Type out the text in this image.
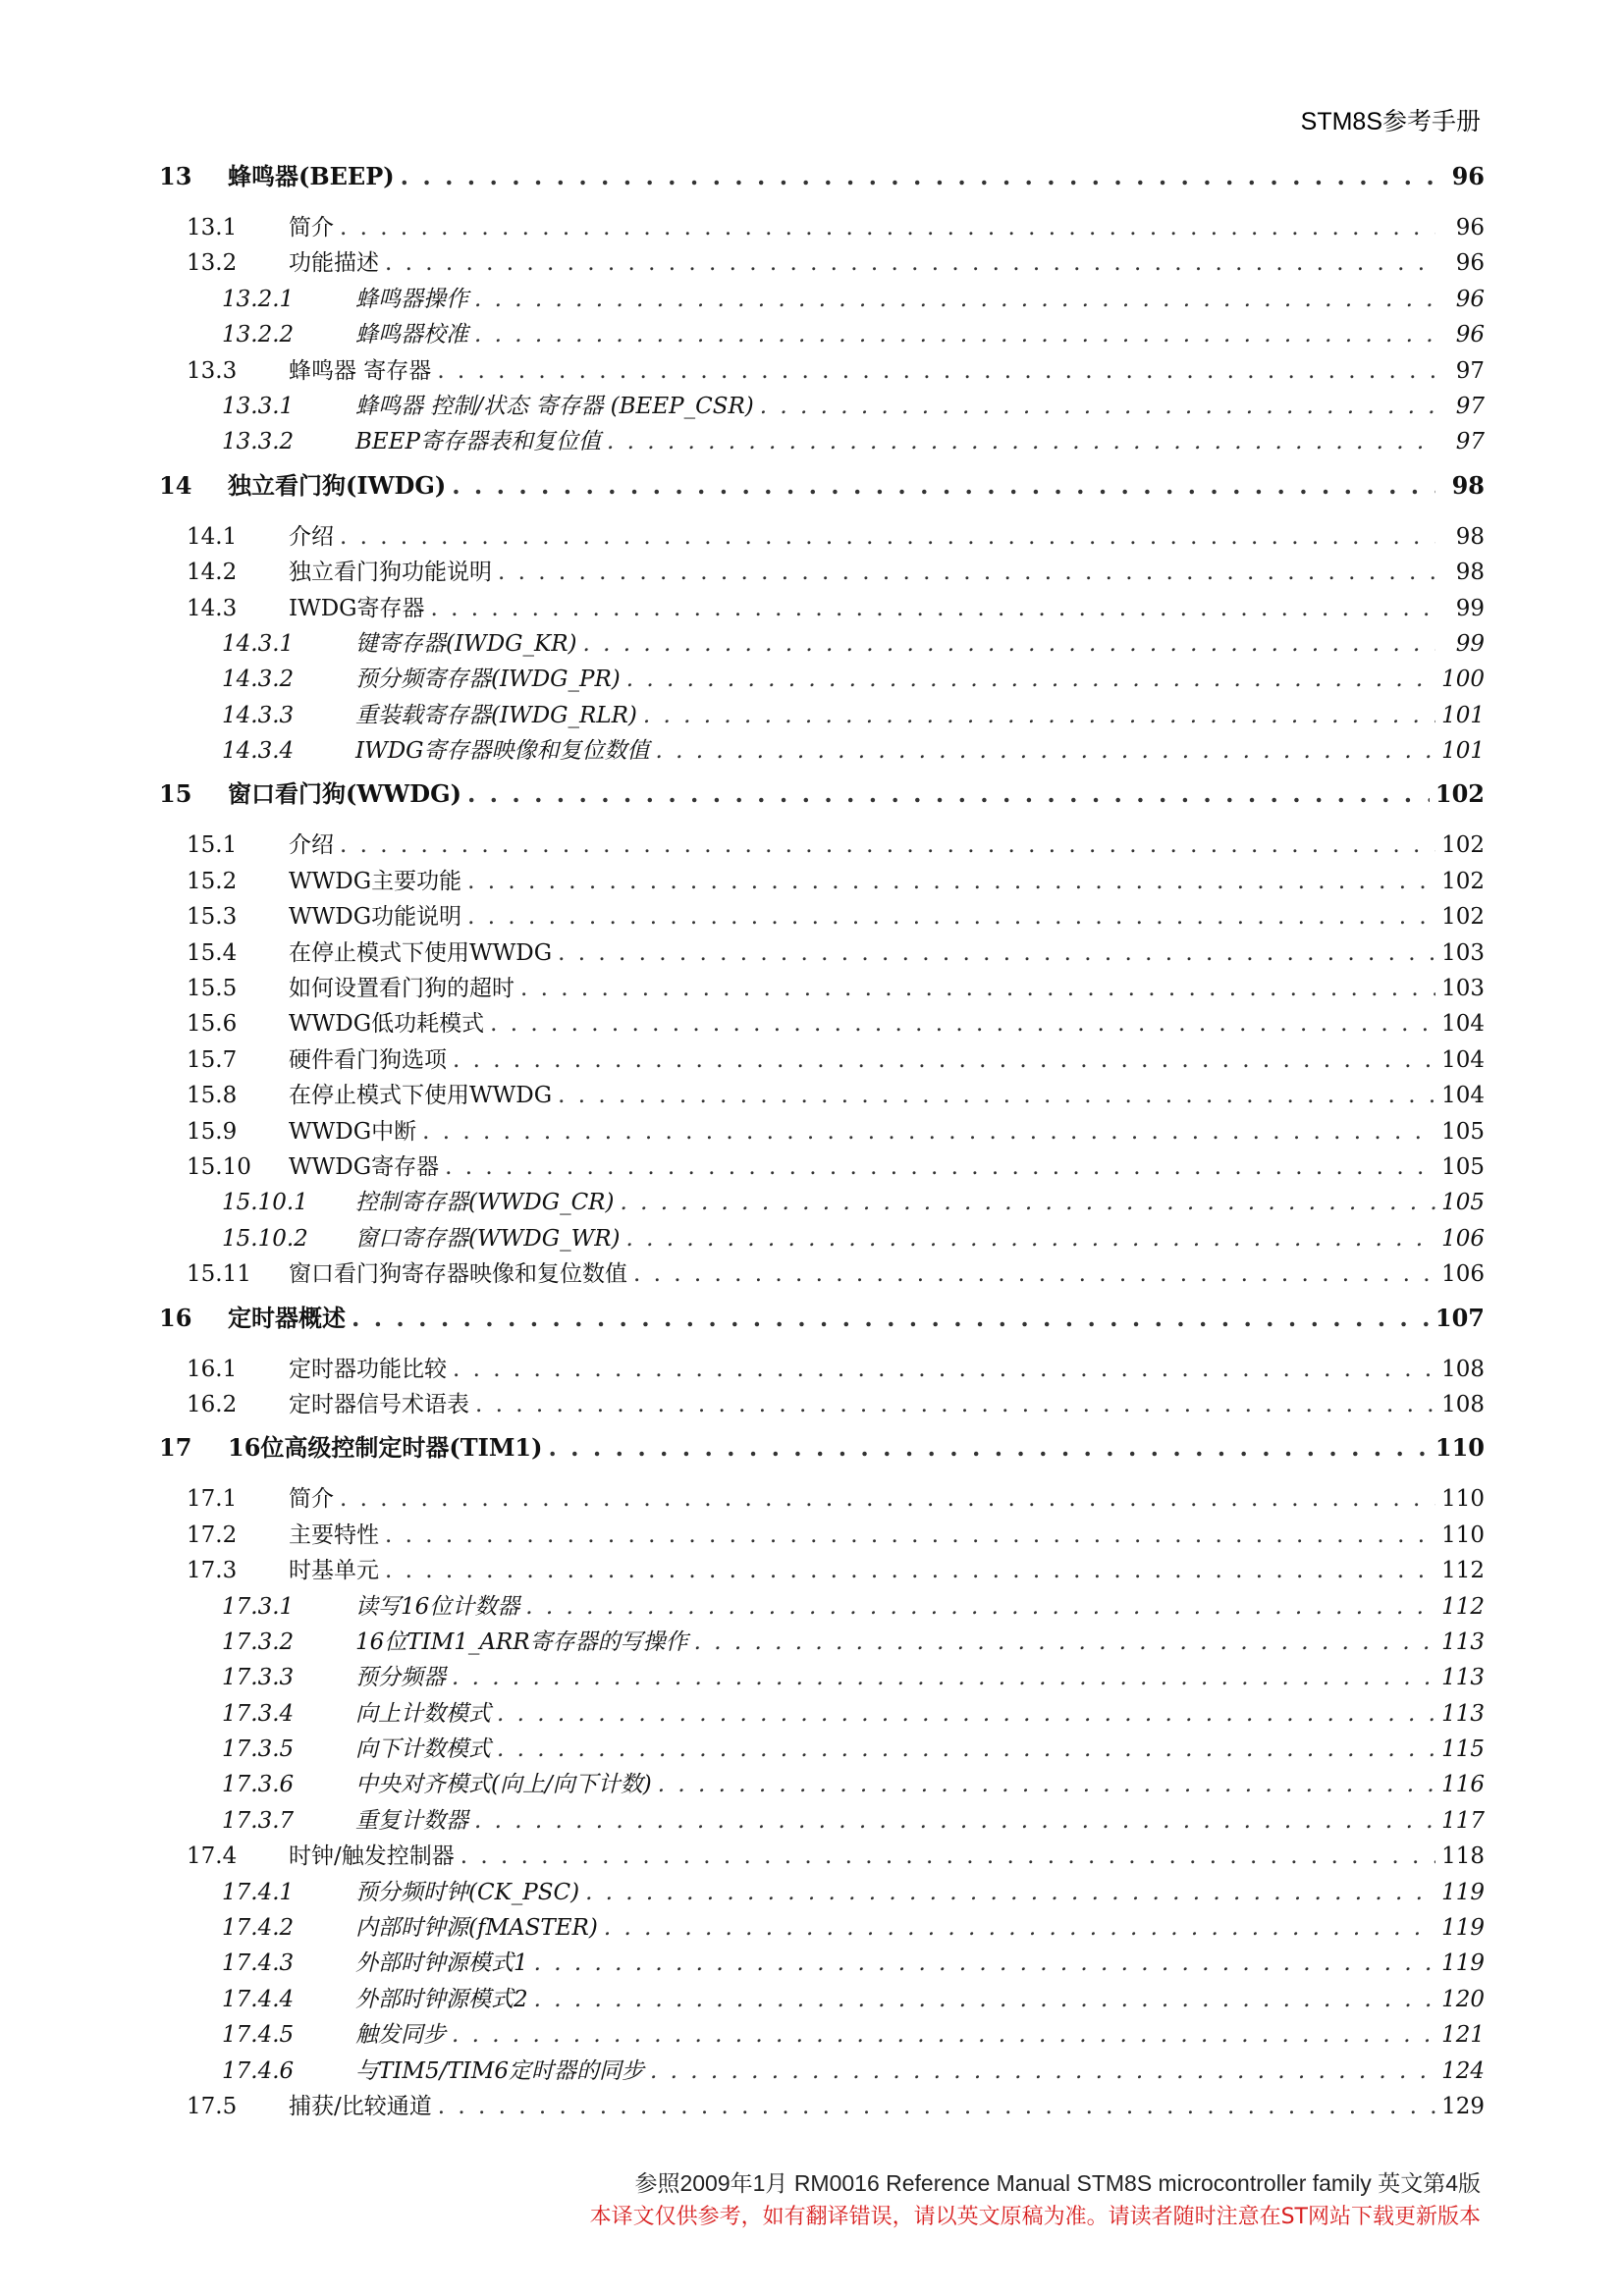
STM8S参考手册
13	蜂鸣器(BEEP) . . .	96
13.1	简介 . . .	96
13.2	功能描述 . . .	96
13.2.1	蜂鸣器操作 . . .	96
13.2.2	蜂鸣器校准 . . .	96
13.3	蜂鸣器 寄存器 . . .	97
13.3.1	蜂鸣器 控制/状态 寄存器 (BEEP_CSR) . . .	97
13.3.2	BEEP寄存器表和复位值 . . .	97
14	独立看门狗(IWDG) . . .	98
14.1	介绍 . . .	98
14.2	独立看门狗功能说明 . . .	98
14.3	IWDG寄存器 . . .	99
14.3.1	键寄存器(IWDG_KR) . . .	99
14.3.2	预分频寄存器(IWDG_PR) . . .	100
14.3.3	重装载寄存器(IWDG_RLR) . . .	101
14.3.4	IWDG寄存器映像和复位数值 . . .	101
15	窗口看门狗(WWDG) . . .	102
15.1	介绍 . . .	102
15.2	WWDG主要功能 . . .	102
15.3	WWDG功能说明 . . .	102
15.4	在停止模式下使用WWDG . . .	103
15.5	如何设置看门狗的超时 . . .	103
15.6	WWDG低功耗模式 . . .	104
15.7	硬件看门狗选项 . . .	104
15.8	在停止模式下使用WWDG . . .	104
15.9	WWDG中断 . . .	105
15.10	WWDG寄存器 . . .	105
15.10.1	控制寄存器(WWDG_CR) . . .	105
15.10.2	窗口寄存器(WWDG_WR) . . .	106
15.11	窗口看门狗寄存器映像和复位数值 . . .	106
16	定时器概述 . . .	107
16.1	定时器功能比较 . . .	108
16.2	定时器信号术语表 . . .	108
17	16位高级控制定时器(TIM1) . . .	110
17.1	简介 . . .	110
17.2	主要特性 . . .	110
17.3	时基单元 . . .	112
17.3.1	读写16位计数器 . . .	112
17.3.2	16位TIM1_ARR寄存器的写操作 . . .	113
17.3.3	预分频器 . . .	113
17.3.4	向上计数模式 . . .	113
17.3.5	向下计数模式 . . .	115
17.3.6	中央对齐模式(向上/向下计数) . . .	116
17.3.7	重复计数器 . . .	117
17.4	时钟/触发控制器 . . .	118
17.4.1	预分频时钟(CK_PSC) . . .	119
17.4.2	内部时钟源(fMASTER) . . .	119
17.4.3	外部时钟源模式1 . . .	119
17.4.4	外部时钟源模式2 . . .	120
17.4.5	触发同步 . . .	121
17.4.6	与TIM5/TIM6定时器的同步 . . .	124
17.5	捕获/比较通道 . . .	129
参照2009年1月 RM0016 Reference Manual STM8S microcontroller family 英文第4版
本译文仅供参考，如有翻译错误，请以英文原稿为准。请读者随时注意在ST网站下载更新版本
